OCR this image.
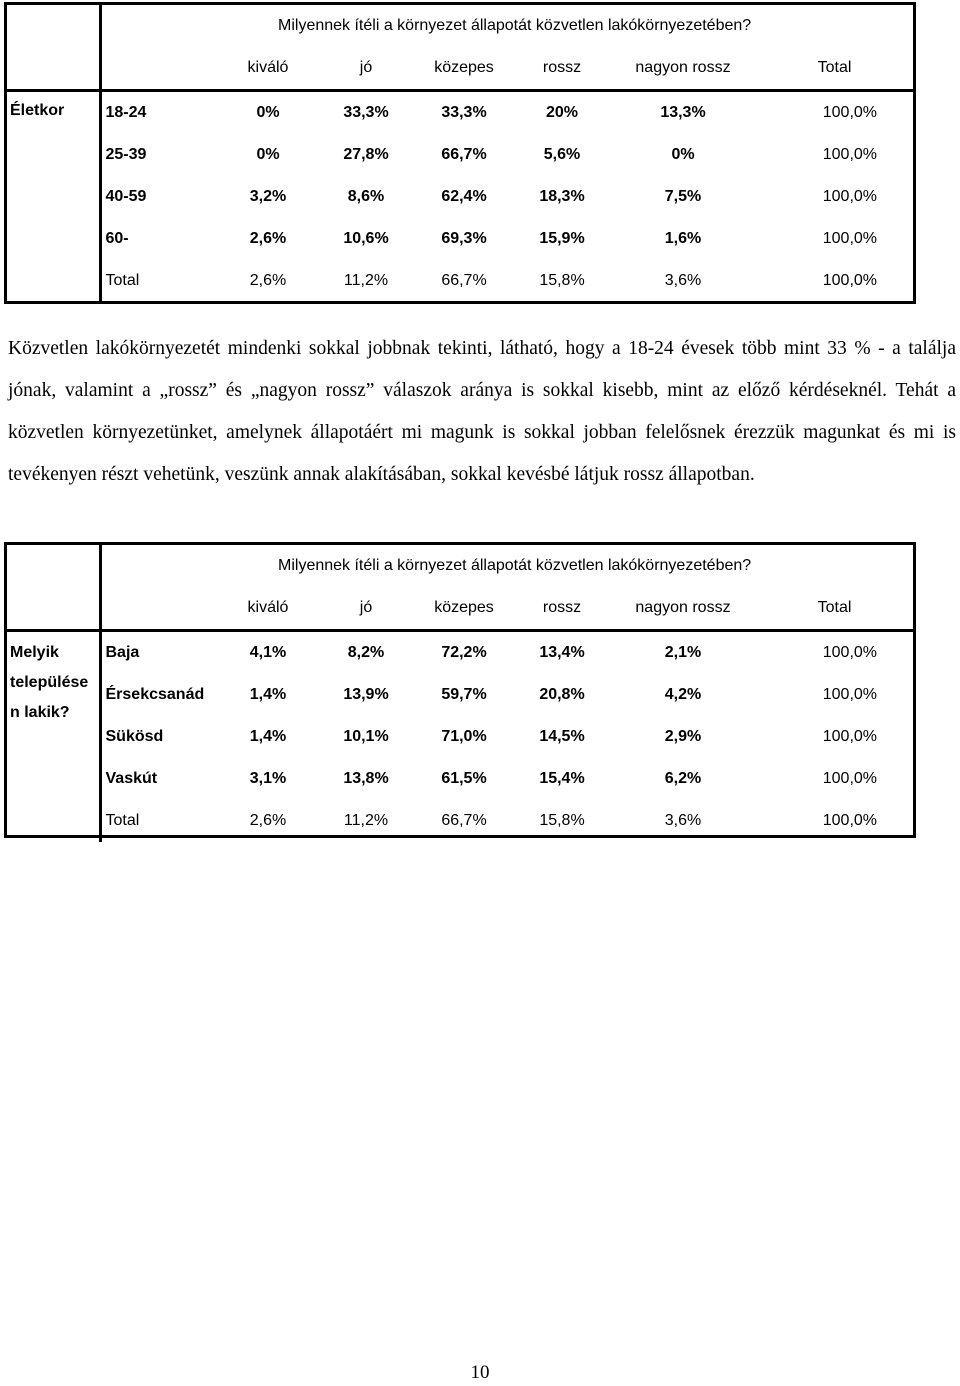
		Milyennek ítéli a környezet állapotát közvetlen lakókörnyezetében?					
		kiváló	jó	közepes	rossz	nagyon rossz	Total
Életkor	18-24	0%	33,3%	33,3%	20%	13,3%	100,0%
	25-39	0%	27,8%	66,7%	5,6%	0%	100,0%
	40-59	3,2%	8,6%	62,4%	18,3%	7,5%	100,0%
	60-	2,6%	10,6%	69,3%	15,9%	1,6%	100,0%
	Total	2,6%	11,2%	66,7%	15,8%	3,6%	100,0%
Közvetlen lakókörnyezetét mindenki sokkal jobbnak tekinti, látható, hogy a 18-24 évesek több mint 33 % - a találja jónak, valamint a „rossz” és „nagyon rossz” válaszok aránya is sokkal kisebb, mint az előző kérdéseknél. Tehát a közvetlen környezetünket, amelynek állapotáért mi magunk is sokkal jobban felelősnek érezzük magunkat és mi is tevékenyen részt vehetünk, veszünk annak alakításában, sokkal kevésbé látjuk rossz állapotban.
		Milyennek ítéli a környezet állapotát közvetlen lakókörnyezetében?					
		kiváló	jó	közepes	rossz	nagyon rossz	Total

Melyik
települése
n lakik?	Baja	4,1%	8,2%	72,2%	13,4%	2,1%	100,0%
	Érsekcsanád	1,4%	13,9%	59,7%	20,8%	4,2%	100,0%
	Sükösd	1,4%	10,1%	71,0%	14,5%	2,9%	100,0%
	Vaskút	3,1%	13,8%	61,5%	15,4%	6,2%	100,0%
	Total	2,6%	11,2%	66,7%	15,8%	3,6%	100,0%
10
